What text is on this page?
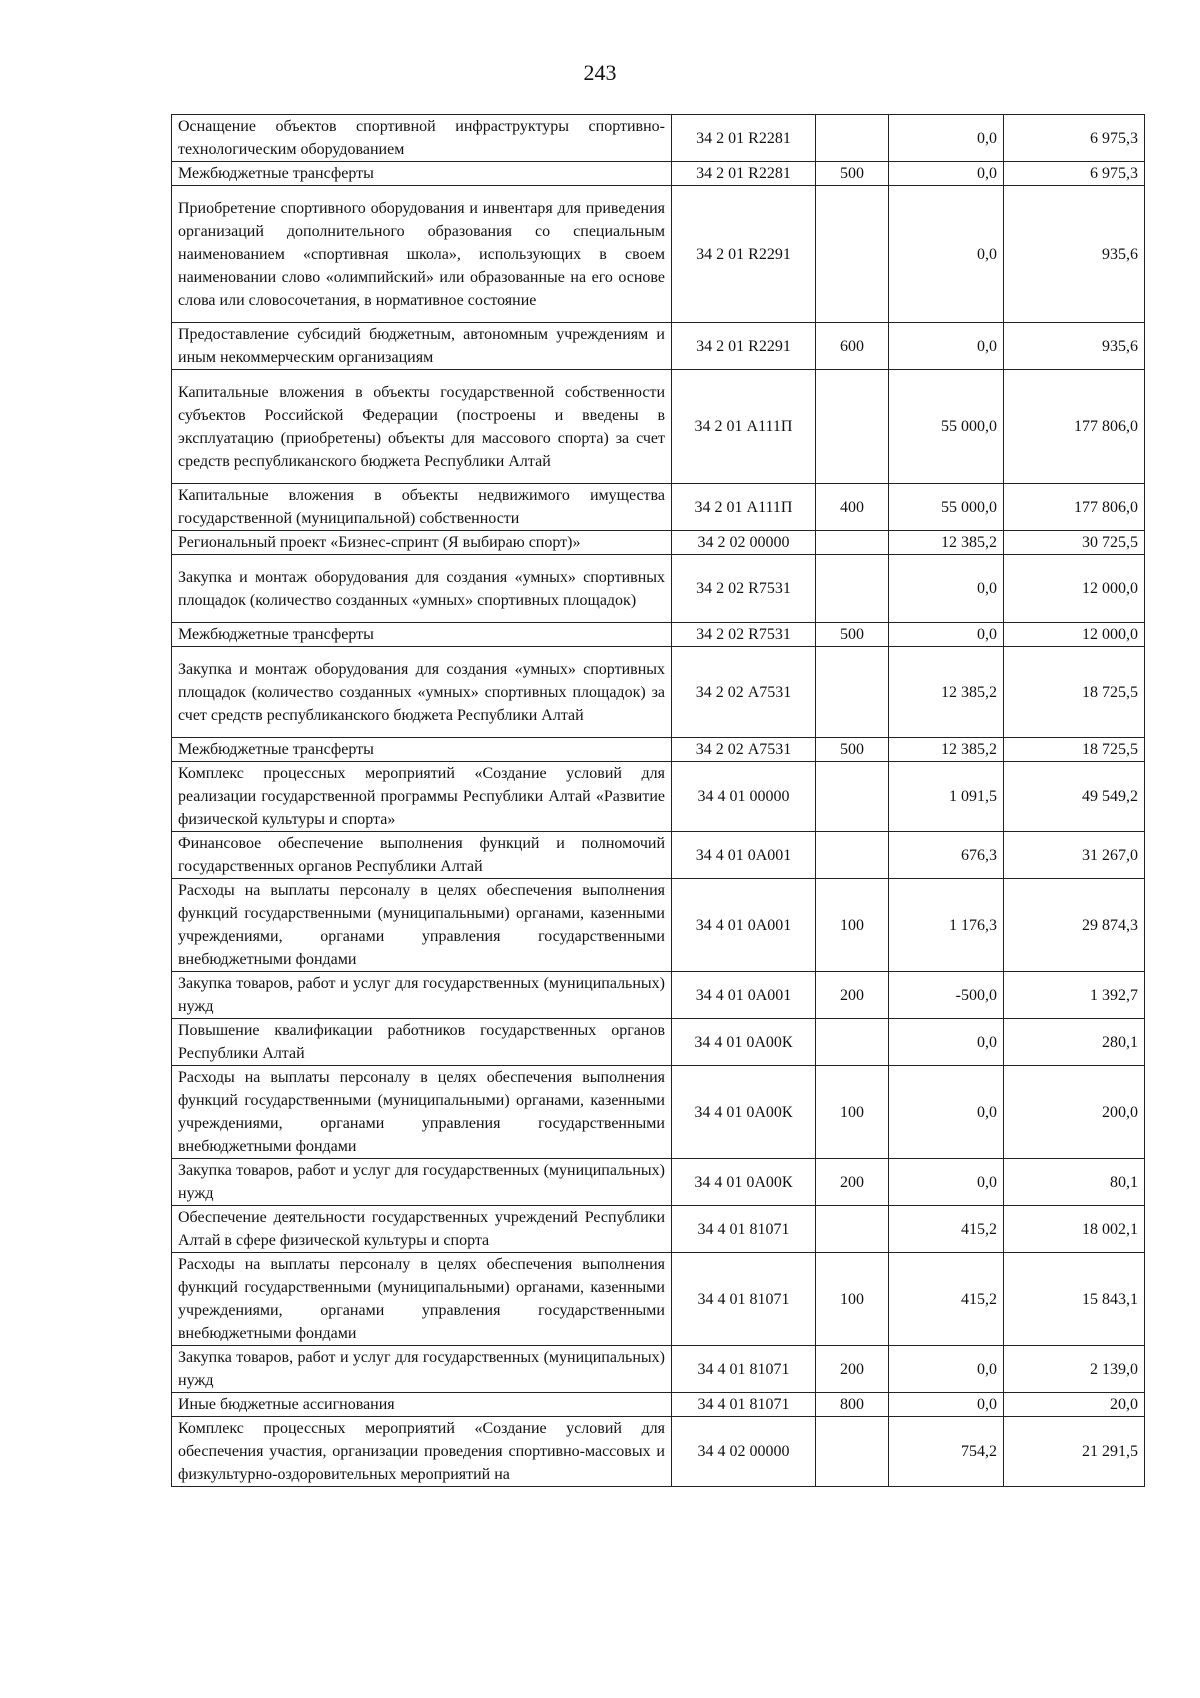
243
Оснащение объектов спортивной инфраструктуры спортивно-технологическим оборудованием	34 2 01 R2281		0,0	6 975,3
Межбюджетные трансферты	34 2 01 R2281	500	0,0	6 975,3
Приобретение спортивного оборудования и инвентаря для приведения организаций дополнительного образования со специальным наименованием «спортивная школа», использующих в своем наименовании слово «олимпийский» или образованные на его основе слова или словосочетания, в нормативное состояние	34 2 01 R2291		0,0	935,6
Предоставление субсидий бюджетным, автономным учреждениям и иным некоммерческим организациям	34 2 01 R2291	600	0,0	935,6
Капитальные вложения в объекты государственной собственности субъектов Российской Федерации (построены и введены в эксплуатацию (приобретены) объекты для массового спорта) за счет средств республиканского бюджета Республики Алтай	34 2 01 А111П		55 000,0	177 806,0
Капитальные вложения в объекты недвижимого имущества государственной (муниципальной) собственности	34 2 01 А111П	400	55 000,0	177 806,0
Региональный проект «Бизнес-спринт (Я выбираю спорт)»	34 2 02 00000		12 385,2	30 725,5
Закупка и монтаж оборудования для создания «умных» спортивных площадок (количество созданных «умных» спортивных площадок)	34 2 02 R7531		0,0	12 000,0
Межбюджетные трансферты	34 2 02 R7531	500	0,0	12 000,0
Закупка и монтаж оборудования для создания «умных» спортивных площадок (количество созданных «умных» спортивных площадок) за счет средств республиканского бюджета Республики Алтай	34 2 02 А7531		12 385,2	18 725,5
Межбюджетные трансферты	34 2 02 А7531	500	12 385,2	18 725,5
Комплекс процессных мероприятий «Создание условий для реализации государственной программы Республики Алтай «Развитие физической культуры и спорта»	34 4 01 00000		1 091,5	49 549,2
Финансовое обеспечение выполнения функций и полномочий государственных органов Республики Алтай	34 4 01 0А001		676,3	31 267,0
Расходы на выплаты персоналу в целях обеспечения выполнения функций государственными (муниципальными) органами, казенными учреждениями, органами управления государственными внебюджетными фондами	34 4 01 0А001	100	1 176,3	29 874,3
Закупка товаров, работ и услуг для государственных (муниципальных) нужд	34 4 01 0А001	200	-500,0	1 392,7
Повышение квалификации работников государственных органов Республики Алтай	34 4 01 0А00К		0,0	280,1
Расходы на выплаты персоналу в целях обеспечения выполнения функций государственными (муниципальными) органами, казенными учреждениями, органами управления государственными внебюджетными фондами	34 4 01 0А00К	100	0,0	200,0
Закупка товаров, работ и услуг для государственных (муниципальных) нужд	34 4 01 0А00К	200	0,0	80,1
Обеспечение деятельности государственных учреждений Республики Алтай в сфере физической культуры и спорта	34 4 01 81071		415,2	18 002,1
Расходы на выплаты персоналу в целях обеспечения выполнения функций государственными (муниципальными) органами, казенными учреждениями, органами управления государственными внебюджетными фондами	34 4 01 81071	100	415,2	15 843,1
Закупка товаров, работ и услуг для государственных (муниципальных) нужд	34 4 01 81071	200	0,0	2 139,0
Иные бюджетные ассигнования	34 4 01 81071	800	0,0	20,0
Комплекс процессных мероприятий «Создание условий для обеспечения участия, организации проведения спортивно-массовых и физкультурно-оздоровительных мероприятий на	34 4 02 00000		754,2	21 291,5
